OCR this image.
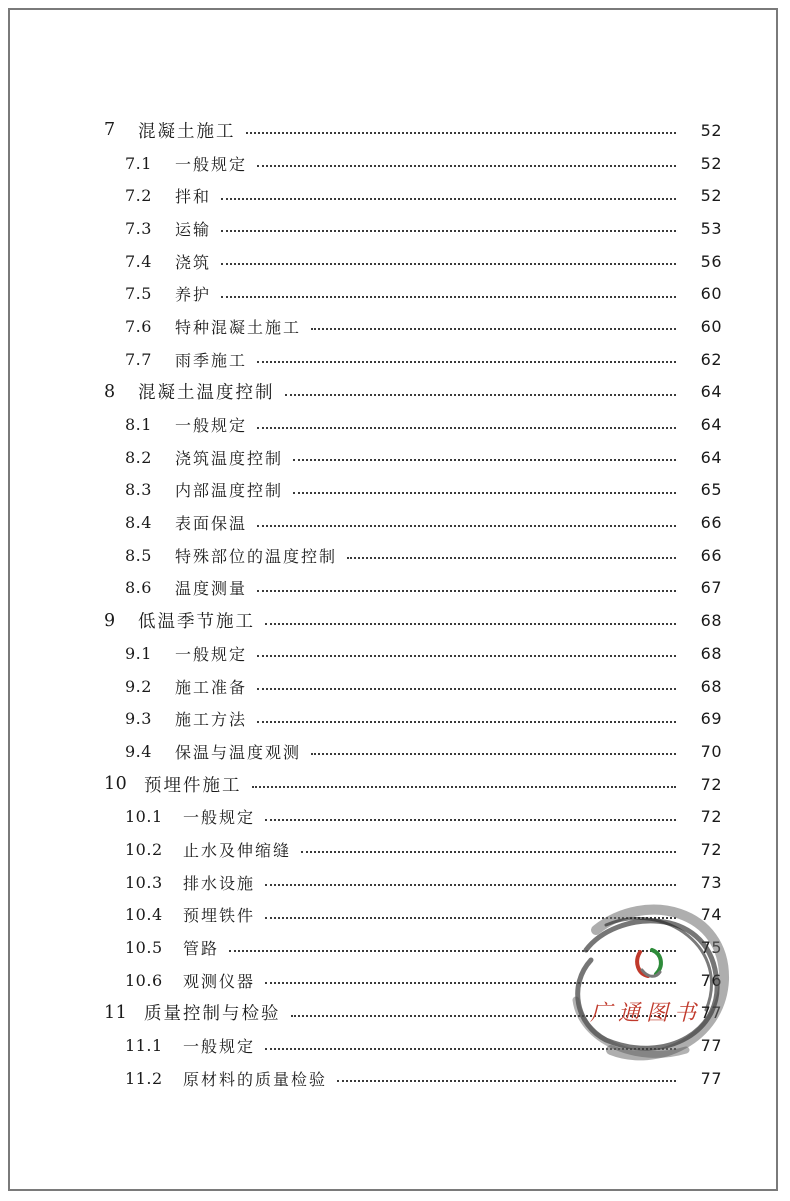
7	混凝土施工	52
7.1	一般规定	52
7.2	拌和	52
7.3	运输	53
7.4	浇筑	56
7.5	养护	60
7.6	特种混凝土施工	60
7.7	雨季施工	62
8	混凝土温度控制	64
8.1	一般规定	64
8.2	浇筑温度控制	64
8.3	内部温度控制	65
8.4	表面保温	66
8.5	特殊部位的温度控制	66
8.6	温度测量	67
9	低温季节施工	68
9.1	一般规定	68
9.2	施工准备	68
9.3	施工方法	69
9.4	保温与温度观测	70
10 预埋件施工	72
10.1	一般规定	72
10.2	止水及伸缩缝	72
10.3	排水设施	73
10.4	预埋铁件	74
10.5	管路	75
10.6	观测仪器	76
11 质量控制与检验	77
11.1	一般规定	77
11.2	原材料的质量检验	77
广通图书
